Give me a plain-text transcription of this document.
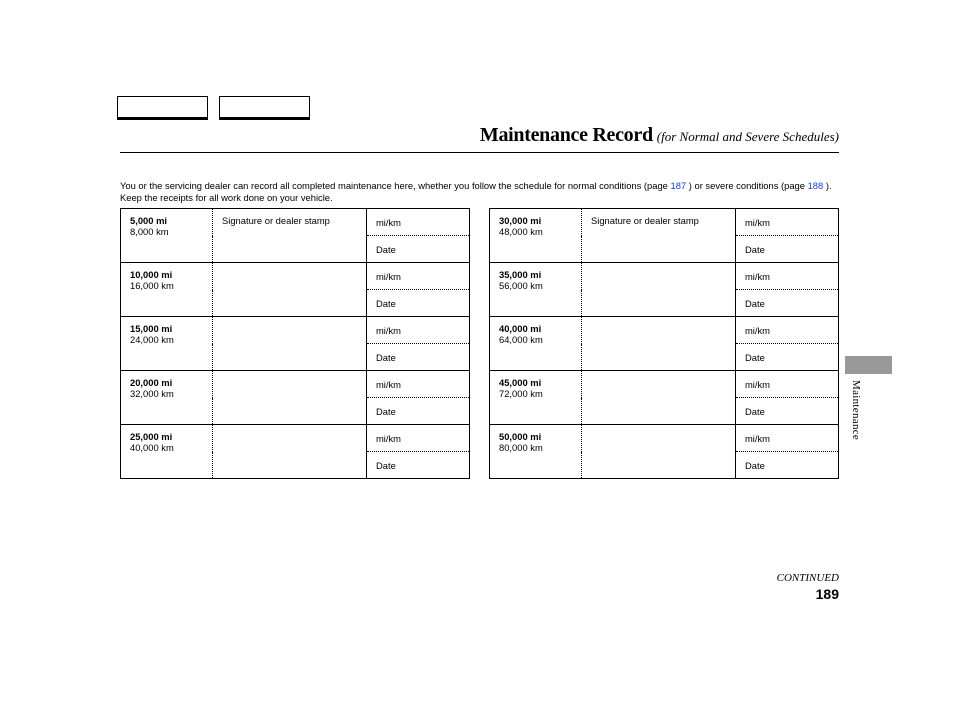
Maintenance Record (for Normal and Severe Schedules)
You or the servicing dealer can record all completed maintenance here, whether you follow the schedule for normal conditions (page 187 ) or severe conditions (page 188 ). Keep the receipts for all work done on your vehicle.
5,000 mi
8,000 km	Signature or dealer stamp	mi/km
		Date

10,000 mi
16,000 km		mi/km
		Date

15,000 mi
24,000 km		mi/km
		Date

20,000 mi
32,000 km		mi/km
		Date

25,000 mi
40,000 km		mi/km
		Date
30,000 mi
48,000 km	Signature or dealer stamp	mi/km
		Date

35,000 mi
56,000 km		mi/km
		Date

40,000 mi
64,000 km		mi/km
		Date

45,000 mi
72,000 km		mi/km
		Date

50,000 mi
80,000 km		mi/km
		Date
Maintenance
CONTINUED
189
